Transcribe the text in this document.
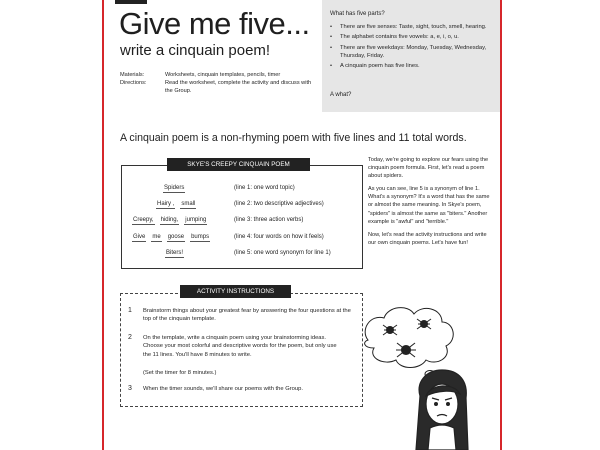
Give me five...
write a cinquain poem!
Materials:	Worksheets, cinquain templates, pencils, timer
Directions:	Read the worksheet, complete the activity and discuss with the Group.
What has five parts?
• There are five senses: Taste, sight, touch, smell, hearing.
• The alphabet contains five vowels: a, e, i, o, u.
• There are five weekdays: Monday, Tuesday, Wednesday, Thursday, Friday.
• A cinquain poem has five lines.
A what?
A cinquain poem is a non-rhyming poem with five lines and 11 total words.
SKYE'S CREEPY CINQUAIN POEM
Spiders	(line 1: one word topic)
Hairy , small	(line 2: two descriptive adjectives)
Creepy, hiding, jumping	(line 3: three action verbs)
Give me goose bumps	(line 4: four words on how it feels)
Biters!	(line 5: one word synonym for line 1)

Today, we're going to explore our fears using the cinquain poem formula. First, let's read a poem about spiders.

As you can see, line 5 is a synonym of line 1. What's a synonym? It's a word that has the same or almost the same meaning. In Skye's poem, "spiders" is almost the same as "biters." Another example is "awful" and "terrible."

Now, let's read the activity instructions and write our own cinquain poems. Let's have fun!

ACTIVITY INSTRUCTIONS
1 Brainstorm things about your greatest fear by answering the four questions at the top of the cinquain template.
2 On the template, write a cinquain poem using your brainstorming ideas. Choose your most colorful and descriptive words for the poem, but only use the 11 lines. You'll have 8 minutes to write.
(Set the timer for 8 minutes.)
3 When the timer sounds, we'll share our poems with the Group.
